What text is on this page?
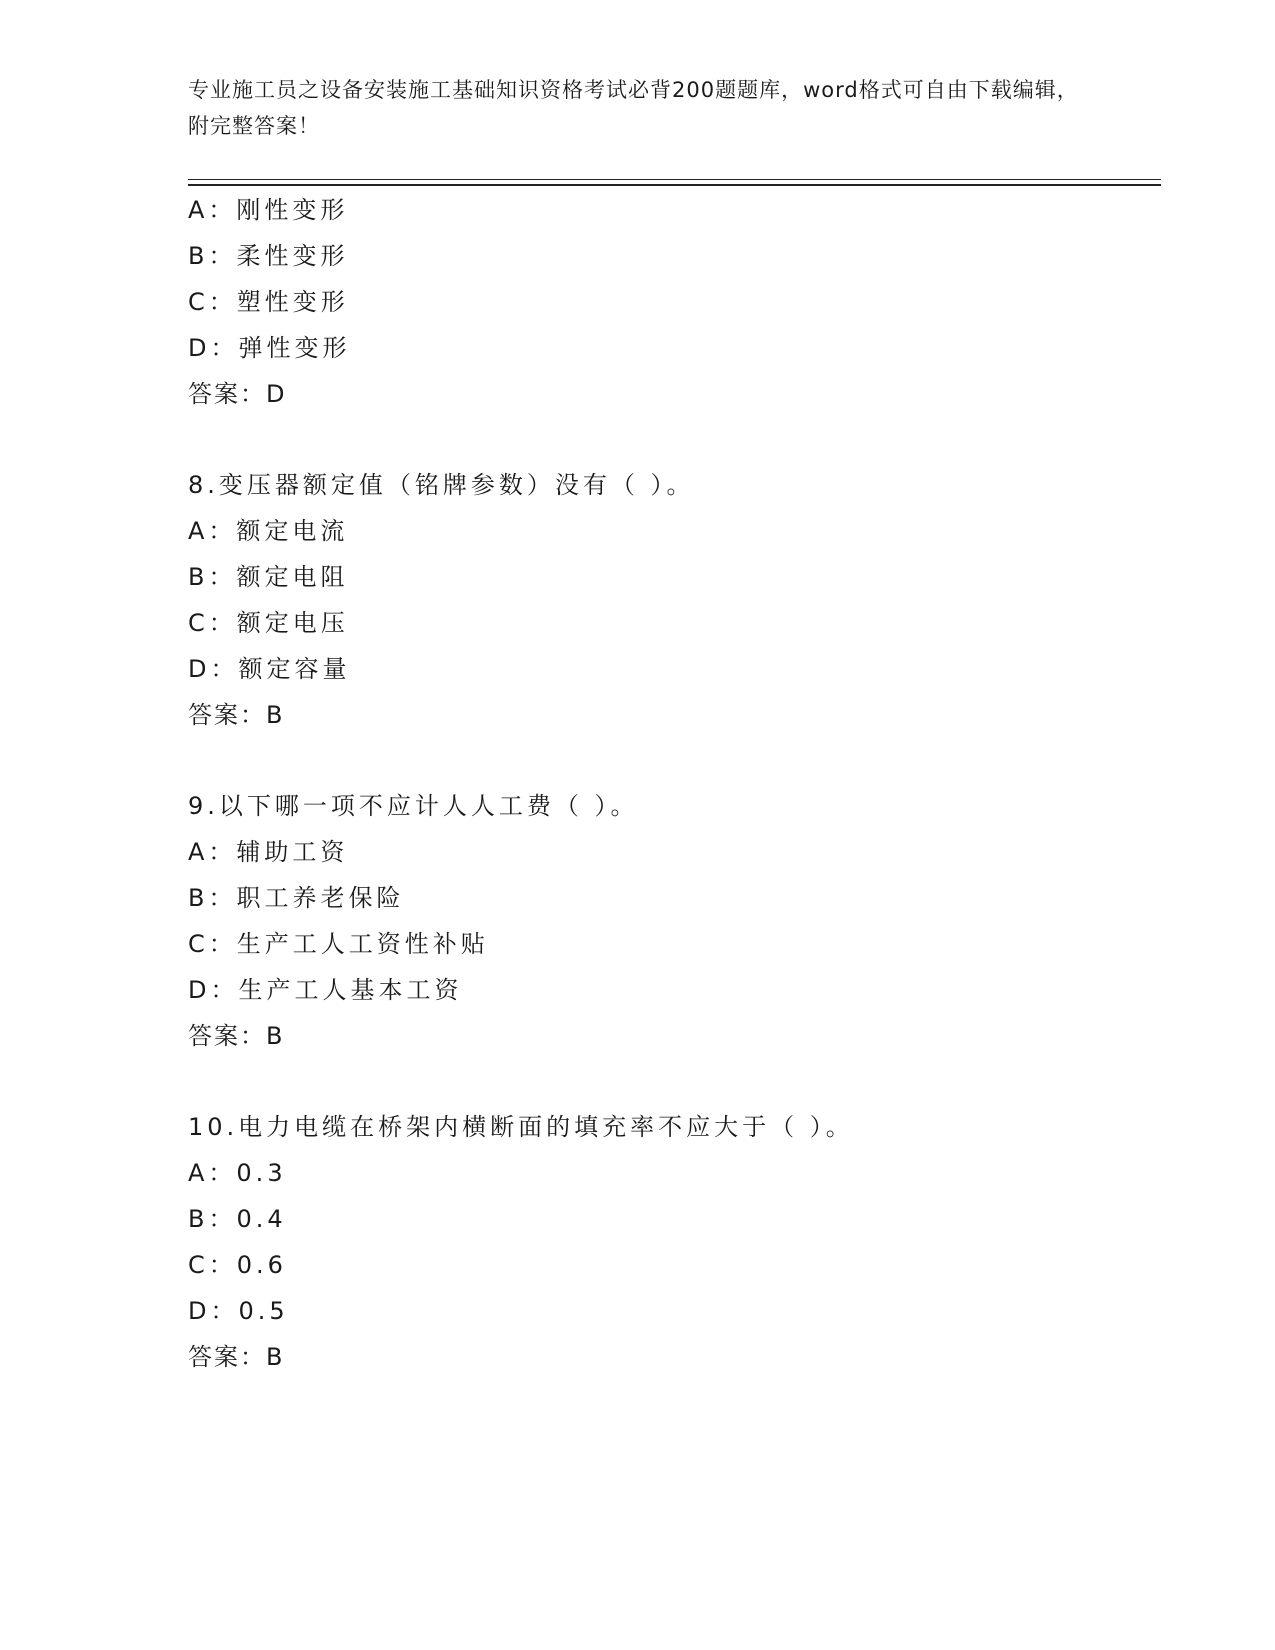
专业施工员之设备安装施工基础知识资格考试必背200题题库，word格式可自由下载编辑，附完整答案！
A：刚性变形
B：柔性变形
C：塑性变形
D：弹性变形
答案：D
8.变压器额定值（铭牌参数）没有（ ）。
A：额定电流
B：额定电阻
C：额定电压
D：额定容量
答案：B
9.以下哪一项不应计人人工费（ ）。
A：辅助工资
B：职工养老保险
C：生产工人工资性补贴
D：生产工人基本工资
答案：B
10.电力电缆在桥架内横断面的填充率不应大于（ ）。
A：0.3
B：0.4
C：0.6
D：0.5
答案：B
